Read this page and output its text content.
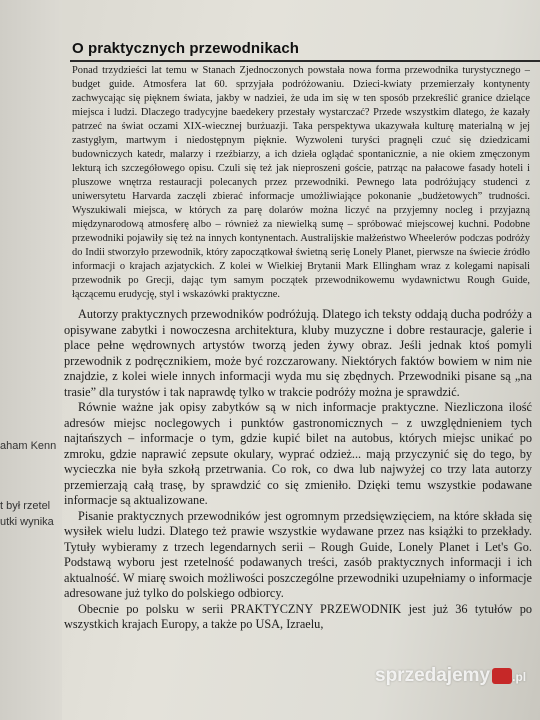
aham Kenn
t był rzetel
utki wynika
O praktycznych przewodnikach

Ponad trzydzieści lat temu w Stanach Zjednoczonych powstała nowa forma przewodnika turystycznego – budget guide. Atmosfera lat 60. sprzyjała podróżowaniu. Dzieci-kwiaty przemierzały kontynenty zachwycając się pięknem świata, jakby w nadziei, że uda im się w ten sposób przekreślić granice dzielące miejsca i ludzi. Dlaczego tradycyjne baedekery przestały wystarczać? Przede wszystkim dlatego, że kazały patrzeć na świat oczami XIX-wiecznej burżuazji. Taka perspektywa ukazywała kulturę materialną w jej zastygłym, martwym i niedostępnym pięknie. Wyzwoleni turyści pragnęli czuć się dziedzicami budowniczych katedr, malarzy i rzeźbiarzy, a ich dzieła oglądać spontanicznie, a nie okiem zmęczonym lekturą ich szczegółowego opisu. Czuli się też jak nieproszeni goście, patrząc na pałacowe fasady hoteli i pluszowe wnętrza restauracji polecanych przez przewodniki. Pewnego lata podróżujący studenci z uniwersytetu Harvarda zaczęli zbierać informacje umożliwiające pokonanie „budżetowych” trudności. Wyszukiwali miejsca, w których za parę dolarów można liczyć na przyjemny nocleg i przyjazną międzynarodową atmosferę albo – również za niewielką sumę – spróbować miejscowej kuchni. Podobne przewodniki pojawiły się też na innych kontynentach. Australijskie małżeństwo Wheelerów podczas podróży do Indii stworzyło przewodnik, który zapoczątkował świetną serię Lonely Planet, pierwsze na świecie źródło informacji o krajach azjatyckich. Z kolei w Wielkiej Brytanii Mark Ellingham wraz z kolegami napisali przewodnik po Grecji, dając tym samym początek przewodnikowemu wydawnictwu Rough Guide, łączącemu erudycję, styl i wskazówki praktyczne.

Autorzy praktycznych przewodników podróżują. Dlatego ich teksty oddają ducha podróży a opisywane zabytki i nowoczesna architektura, kluby muzyczne i dobre restauracje, galerie i place pełne wędrownych artystów tworzą jeden żywy obraz. Jeśli jednak ktoś pomyli przewodnik z podręcznikiem, może być rozczarowany. Niektórych faktów bowiem w nim nie znajdzie, z kolei wiele innych informacji wyda mu się zbędnych. Przewodniki pisane są „na trasie” dla turystów i tak naprawdę tylko w trakcie podróży można je sprawdzić.

Równie ważne jak opisy zabytków są w nich informacje praktyczne. Niezliczona ilość adresów miejsc noclegowych i punktów gastronomicznych – z uwzględnieniem tych najtańszych – informacje o tym, gdzie kupić bilet na autobus, których miejsc unikać po zmroku, gdzie naprawić zepsute okulary, wyprać odzież... mają przyczynić się do tego, by wycieczka nie była szkołą przetrwania. Co rok, co dwa lub najwyżej co trzy lata autorzy przemierzają całą trasę, by sprawdzić co się zmieniło. Dzięki temu wszystkie podawane informacje są aktualizowane.

Pisanie praktycznych przewodników jest ogromnym przedsięwzięciem, na które składa się wysiłek wielu ludzi. Dlatego też prawie wszystkie wydawane przez nas książki to przekłady. Tytuły wybieramy z trzech legendarnych serii – Rough Guide, Lonely Planet i Let's Go. Podstawą wyboru jest rzetelność podawanych treści, zasób praktycznych informacji i ich aktualność. W miarę swoich możliwości poszczególne przewodniki uzupełniamy o informacje adresowane już tylko do polskiego odbiorcy.

Obecnie po polsku w serii PRAKTYCZNY PRZEWODNIK jest już 36 tytułów po wszystkich krajach Europy, a także po USA, Izraelu,

sprzedajemy .pl
